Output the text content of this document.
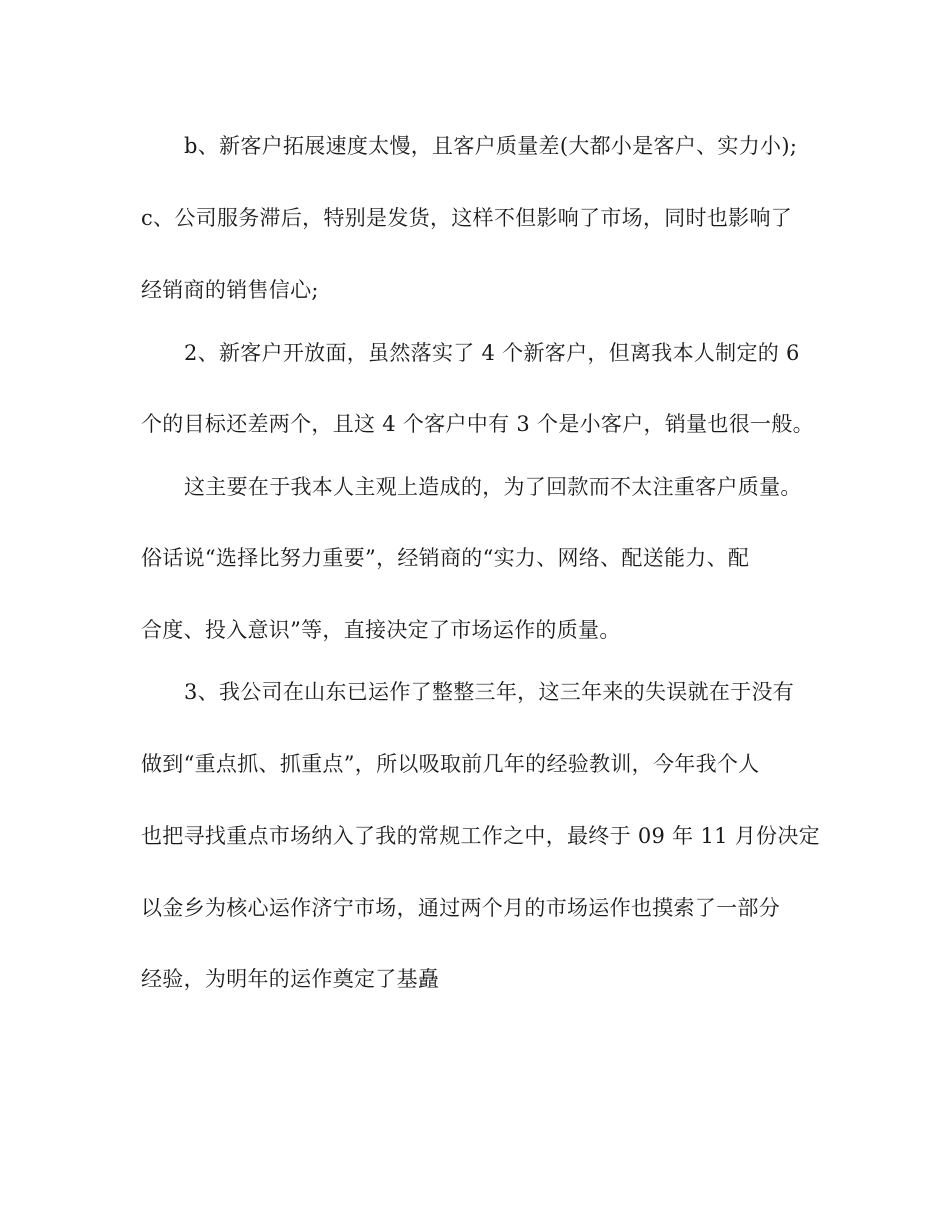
b、新客户拓展速度太慢，且客户质量差(大都小是客户、实力小);
c、公司服务滞后，特别是发货，这样不但影响了市场，同时也影响了
经销商的销售信心;
2、新客户开放面，虽然落实了 4 个新客户，但离我本人制定的 6
个的目标还差两个，且这 4 个客户中有 3 个是小客户，销量也很一般。
这主要在于我本人主观上造成的，为了回款而不太注重客户质量。
俗话说“选择比努力重要”，经销商的“实力、网络、配送能力、配
合度、投入意识”等，直接决定了市场运作的质量。
3、我公司在山东已运作了整整三年，这三年来的失误就在于没有
做到“重点抓、抓重点”，所以吸取前几年的经验教训，今年我个人
也把寻找重点市场纳入了我的常规工作之中，最终于 09 年 11 月份决定
以金乡为核心运作济宁市场，通过两个月的市场运作也摸索了一部分
经验，为明年的运作奠定了基矗
